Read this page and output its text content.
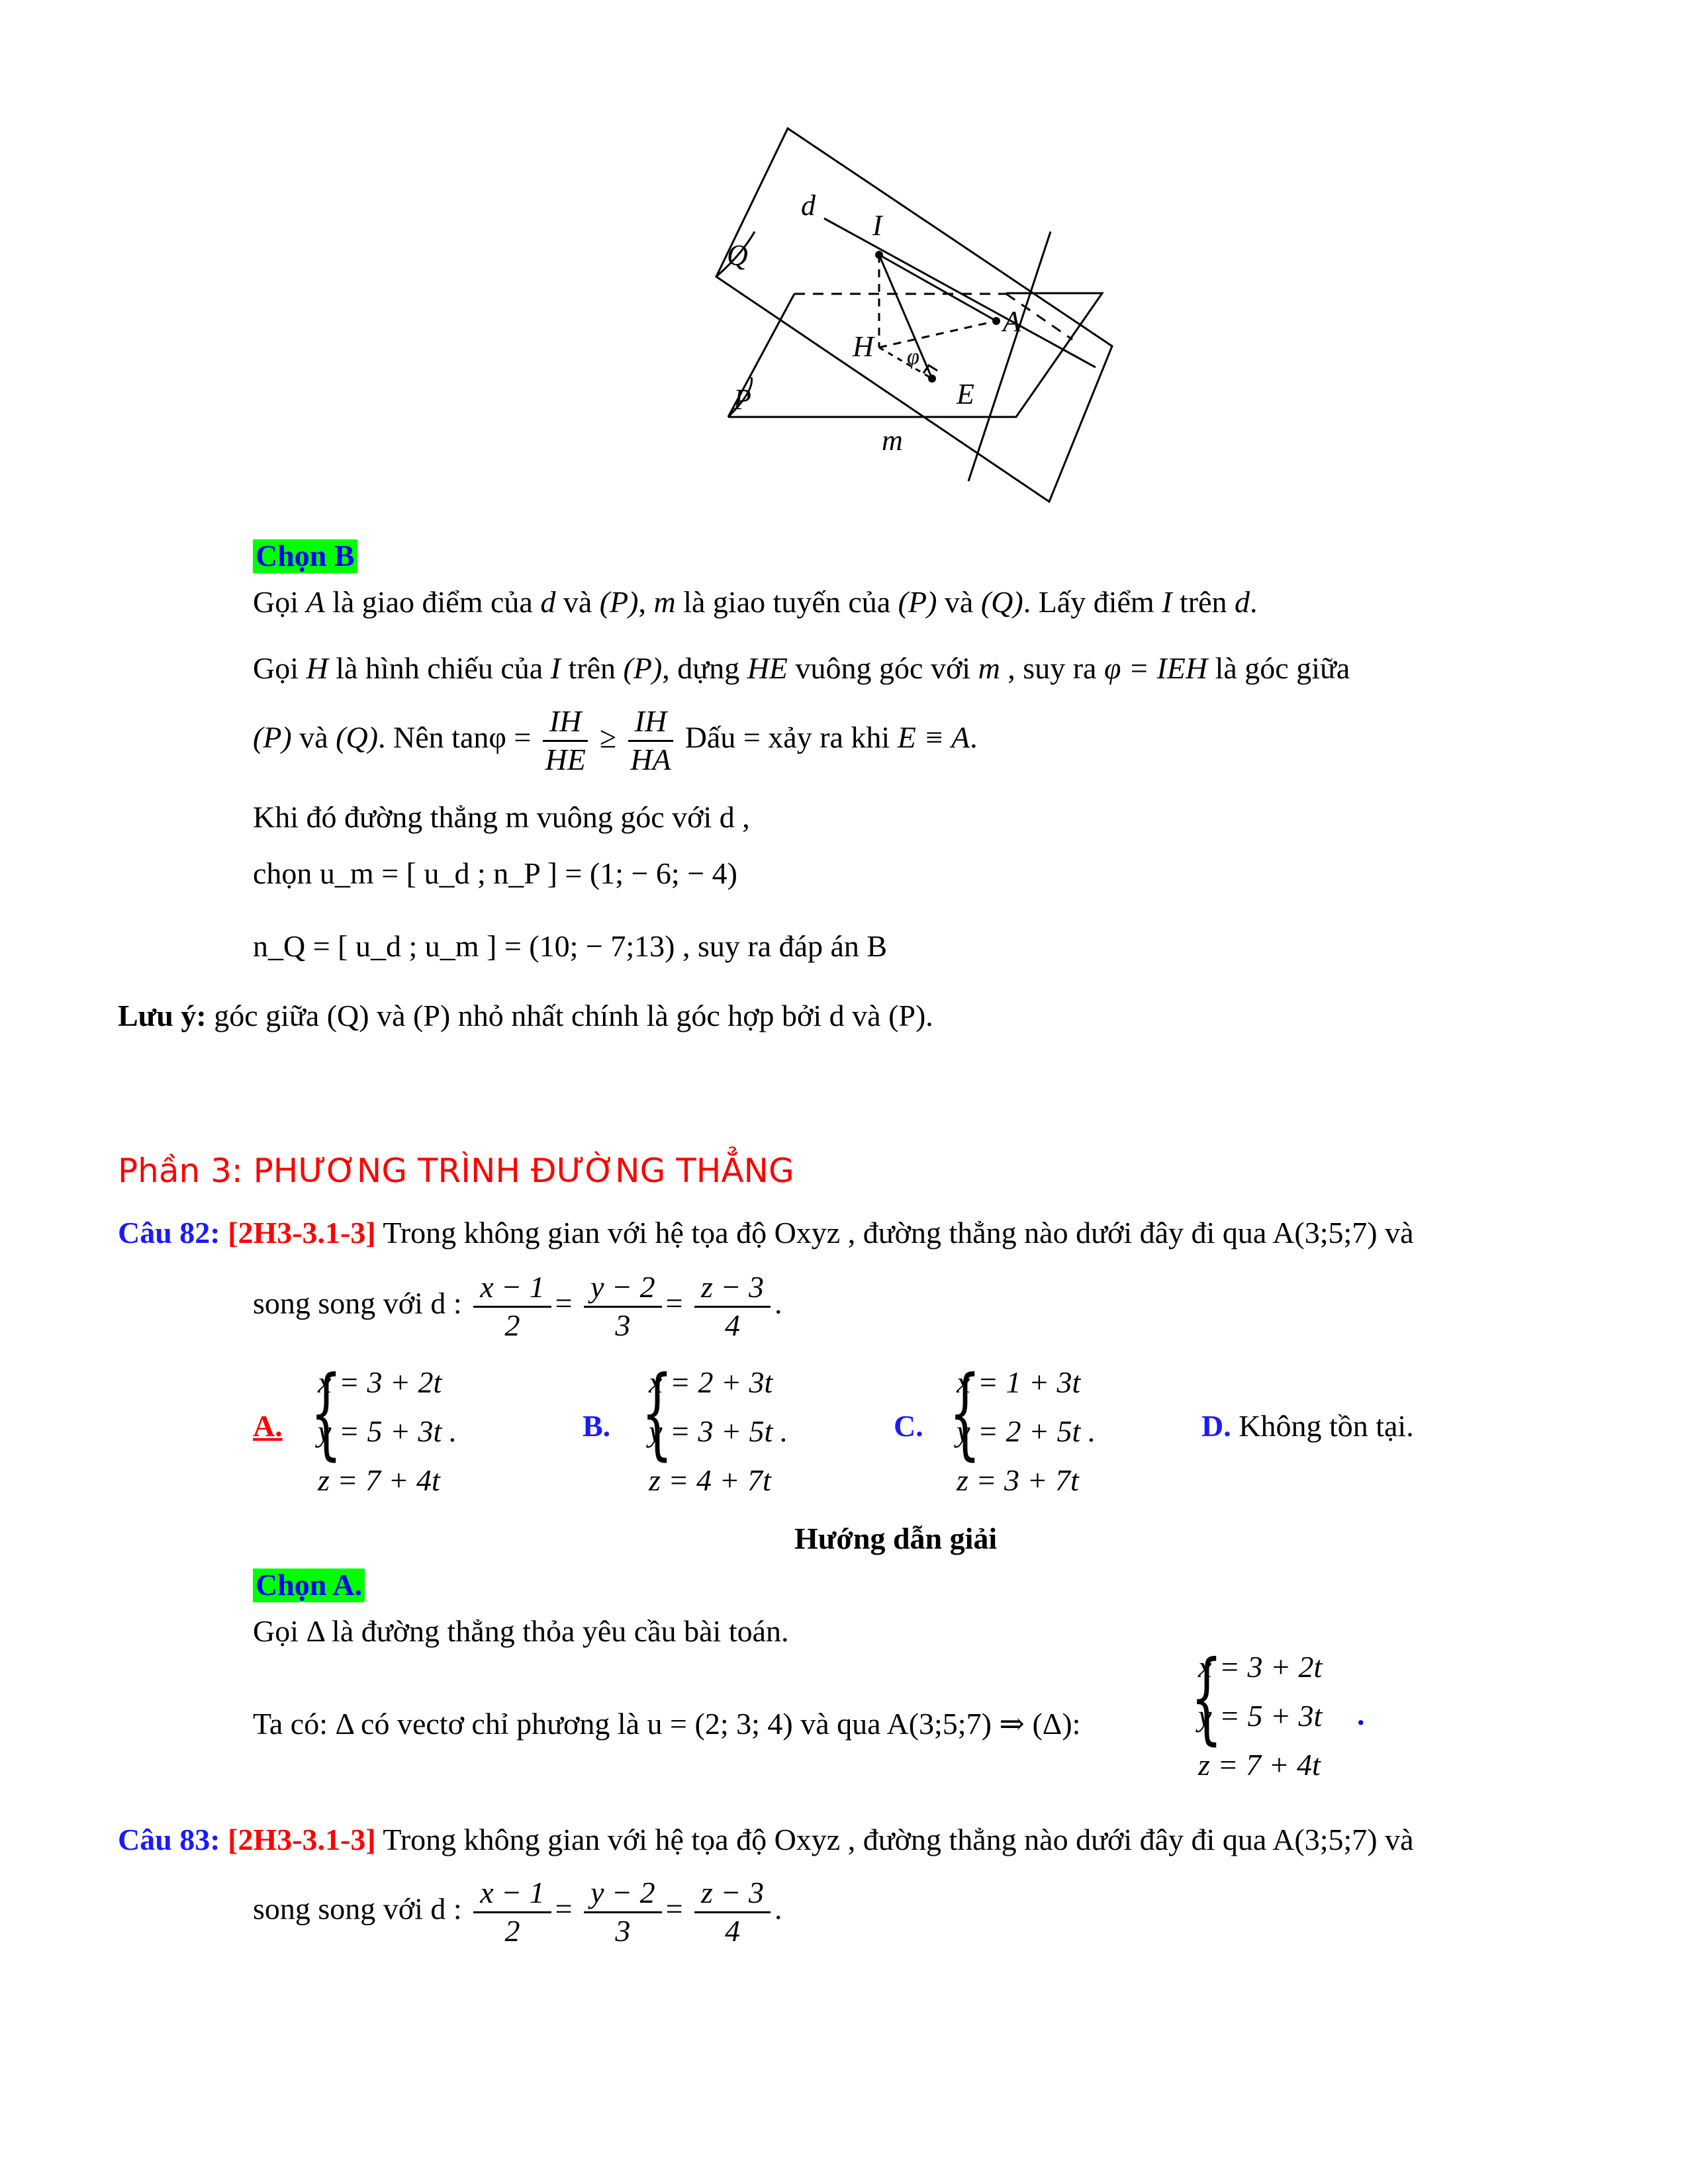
d
I
Q
A
H φ
E
P
m
Chọn B
Gọi A là giao điểm của d và (P), m là giao tuyến của (P) và (Q). Lấy điểm I trên d.
Gọi H là hình chiếu của I trên (P), dựng HE vuông góc với m , suy ra φ = IEH là góc giữa
(P) và (Q). Nên $\tan\varphi = \frac{IH}{HE} \ge \frac{IH}{HA}$ Dấu = xảy ra khi E ≡ A.
Khi đó đường thẳng m vuông góc với d ,
chọn u_m = [ u_d ; n_P ] = (1; − 6; − 4)
n_Q = [ u_d ; u_m ] = (10; − 7;13) , suy ra đáp án B
Lưu ý: góc giữa (Q) và (P) nhỏ nhất chính là góc hợp bởi d và (P).
Phần 3: PHƯƠNG TRÌNH ĐƯỜNG THẲNG
Câu 82: [2H3-3.1-3] Trong không gian với hệ tọa độ Oxyz , đường thẳng nào dưới đây đi qua A(3;5;7) và
song song với d : $\frac{x - 1}{2} = \frac{y - 2}{3} = \frac{z - 3}{4}$ .
A. {
x = 3 + 2t
y = 5 + 3t .
z = 7 + 4t
B. {
x = 2 + 3t
y = 3 + 5t .
z = 4 + 7t
C. {
x = 1 + 3t
y = 2 + 5t .
z = 3 + 7t
D. Không tồn tại.
Hướng dẫn giải
Chọn A.
Gọi Δ là đường thẳng thỏa yêu cầu bài toán.
Ta có: Δ có vectơ chỉ phương là u = (2; 3; 4) và qua A(3;5;7) ⇒ (Δ): {
x = 3 + 2t
y = 5 + 3t
z = 7 + 4t
.
Câu 83: [2H3-3.1-3] Trong không gian với hệ tọa độ Oxyz , đường thẳng nào dưới đây đi qua A(3;5;7) và
song song với d : $\frac{x - 1}{2} = \frac{y - 2}{3} = \frac{z - 3}{4}$ .
